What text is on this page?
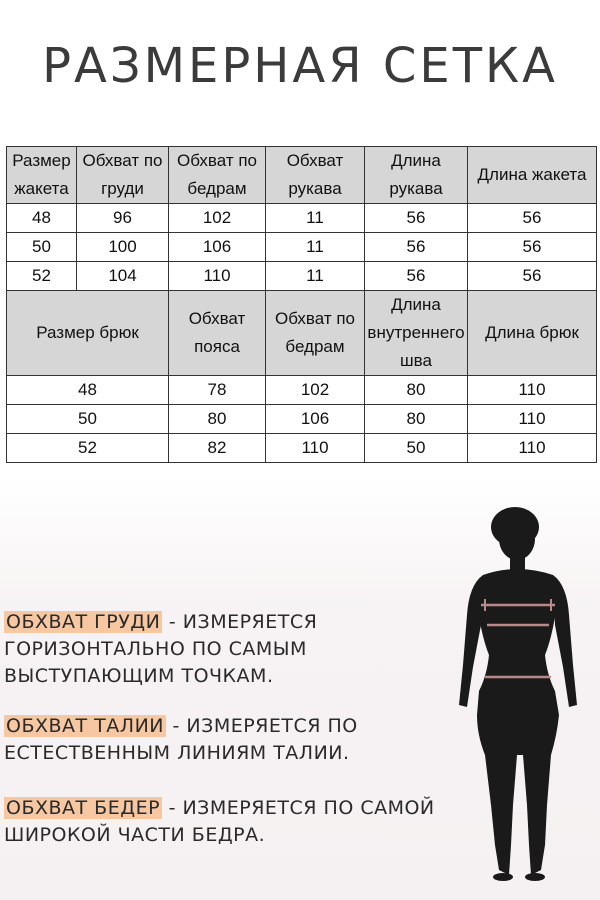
РАЗМЕРНАЯ СЕТКА
Размер жакета	Обхват по груди	Обхват по бедрам	Обхват рукава	Длина рукава	Длина жакета
48	96	102	11	56	56
50	100	106	11	56	56
52	104	110	11	56	56
Размер брюк		Обхват пояса	Обхват по бедрам	Длина внутреннего шва	Длина брюк
48		78	102	80	110
50		80	106	80	110
52		82	110	50	110
ОБХВАТ ГРУДИ - ИЗМЕРЯЕТСЯ ГОРИЗОНТАЛЬНО ПО САМЫМ ВЫСТУПАЮЩИМ ТОЧКАМ.
ОБХВАТ ТАЛИИ - ИЗМЕРЯЕТСЯ ПО ЕСТЕСТВЕННЫМ ЛИНИЯМ ТАЛИИ.
ОБХВАТ БЕДЕР - ИЗМЕРЯЕТСЯ ПО САМОЙ ШИРОКОЙ ЧАСТИ БЕДРА.
